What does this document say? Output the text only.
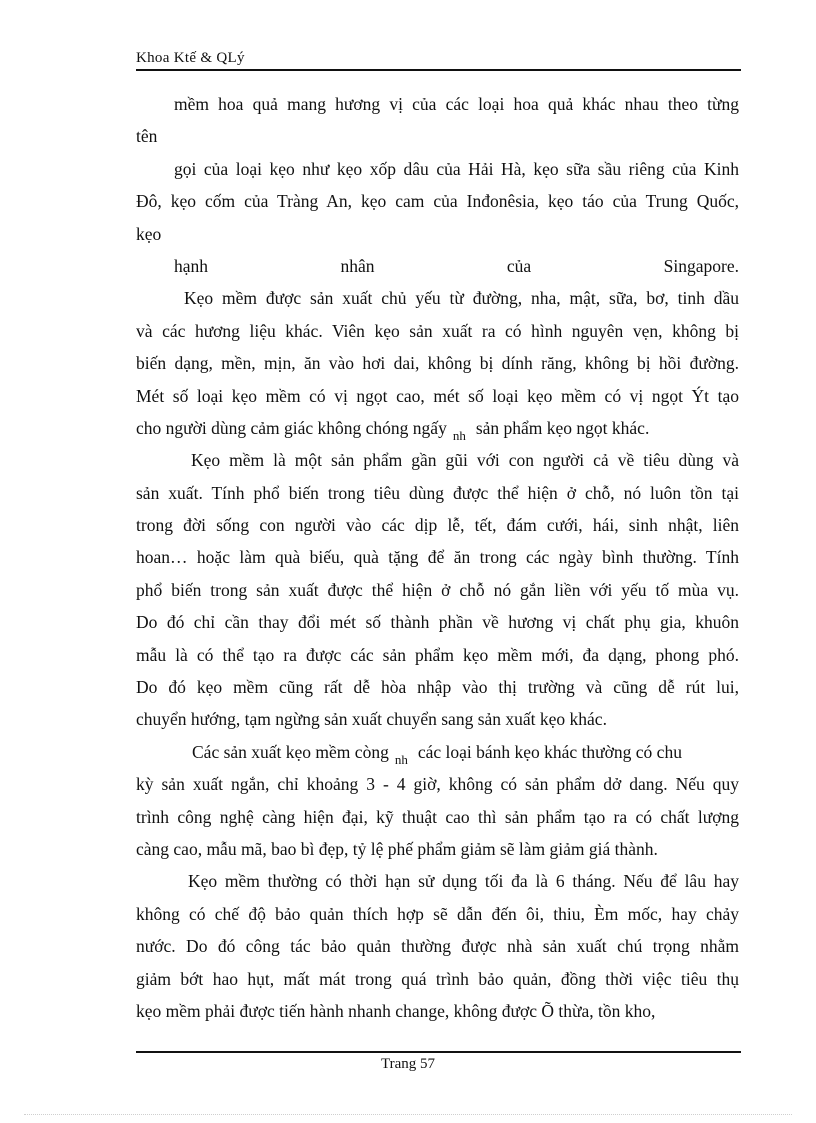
Khoa Ktế & QLý
mềm hoa quả mang hương vị của các loại hoa quả khác nhau theo từng
tên
gọi của loại kẹo như kẹo xốp dâu của Hải Hà, kẹo sữa sầu riêng của Kinh
Đô, kẹo cốm của Tràng An, kẹo cam của Inđonêsia, kẹo táo của Trung Quốc,
kẹo
hạnh	nhân	của	Singapore.
Kẹo mềm được sản xuất chủ yếu từ đường, nha, mật, sữa, bơ, tinh dầu
và các hương liệu khác. Viên kẹo sản xuất ra có hình nguyên vẹn, không bị
biến dạng, mền, mịn, ăn vào hơi dai, không bị dính răng, không bị hồi đường.
Mét số loại kẹo mềm có vị ngọt cao, mét số loại kẹo mềm có vị ngọt Ýt tạo
cho người dùng cảm giác không chóng ngấy $_{nh}$ sản phẩm kẹo ngọt khác.
Kẹo mềm là một sản phẩm gần gũi với con người cả về tiêu dùng và
sản xuất. Tính phổ biến trong tiêu dùng được thể hiện ở chỗ, nó luôn tồn tại
trong đời sống con người vào các dịp lễ, tết, đám cưới, hái, sinh nhật, liên
hoan… hoặc làm quà biếu, quà tặng để ăn trong các ngày bình thường. Tính
phổ biến trong sản xuất được thể hiện ở chỗ nó gắn liền với yếu tố mùa vụ.
Do đó chỉ cần thay đổi mét số thành phần về hương vị chất phụ gia, khuôn
mẫu là có thể tạo ra được các sản phẩm kẹo mềm mới, đa dạng, phong phó.
Do đó kẹo mềm cũng rất dễ hòa nhập vào thị trường và cũng dễ rút lui,
chuyển hướng, tạm ngừng sản xuất chuyển sang sản xuất kẹo khác.
Các sản xuất kẹo mềm còng $_{nh}$ các loại bánh kẹo khác thường có chu
kỳ sản xuất ngắn, chỉ khoảng 3 - 4 giờ, không có sản phẩm dở dang. Nếu quy
trình công nghệ càng hiện đại, kỹ thuật cao thì sản phẩm tạo ra có chất lượng
càng cao, mẫu mã, bao bì đẹp, tỷ lệ phế phẩm giảm sẽ làm giảm giá thành.
Kẹo mềm thường có thời hạn sử dụng tối đa là 6 tháng. Nếu để lâu hay
không có chế độ bảo quản thích hợp sẽ dẫn đến ôi, thiu, Èm mốc, hay chảy
nước. Do đó công tác bảo quản thường được nhà sản xuất chú trọng nhằm
giảm bớt hao hụt, mất mát trong quá trình bảo quản, đồng thời việc tiêu thụ
kẹo mềm phải được tiến hành nhanh change, không được Õ thừa, tồn kho,
Trang 57
